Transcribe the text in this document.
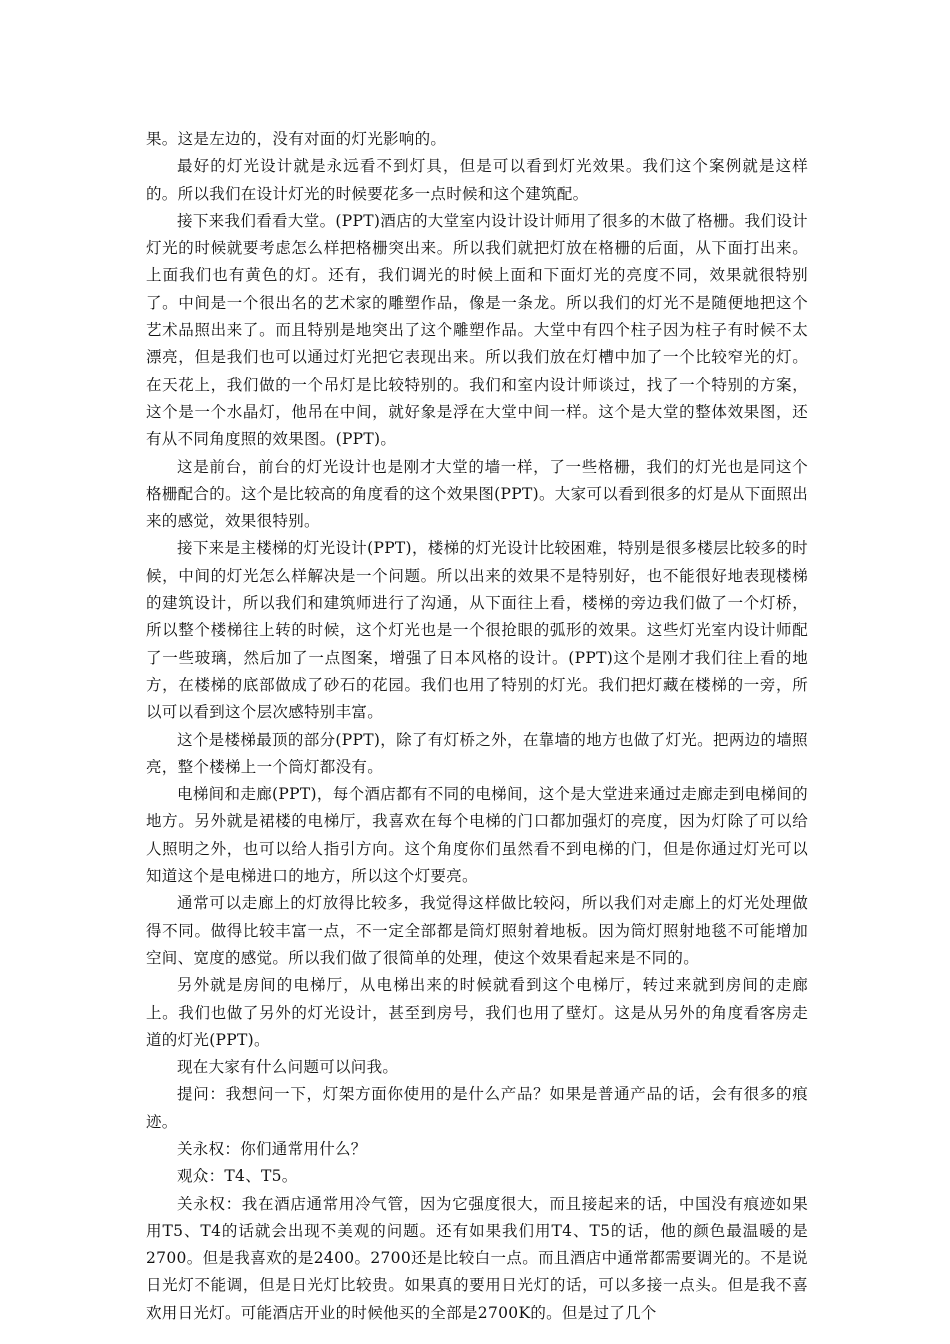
果。这是左边的，没有对面的灯光影响的。

最好的灯光设计就是永远看不到灯具，但是可以看到灯光效果。我们这个案例就是这样的。所以我们在设计灯光的时候要花多一点时候和这个建筑配。

接下来我们看看大堂。(PPT)酒店的大堂室内设计设计师用了很多的木做了格栅。我们设计灯光的时候就要考虑怎么样把格栅突出来。所以我们就把灯放在格栅的后面，从下面打出来。上面我们也有黄色的灯。还有，我们调光的时候上面和下面灯光的亮度不同，效果就很特别了。中间是一个很出名的艺术家的雕塑作品，像是一条龙。所以我们的灯光不是随便地把这个艺术品照出来了。而且特别是地突出了这个雕塑作品。大堂中有四个柱子因为柱子有时候不太漂亮，但是我们也可以通过灯光把它表现出来。所以我们放在灯槽中加了一个比较窄光的灯。在天花上，我们做的一个吊灯是比较特别的。我们和室内设计师谈过，找了一个特别的方案，这个是一个水晶灯，他吊在中间，就好象是浮在大堂中间一样。这个是大堂的整体效果图，还有从不同角度照的效果图。(PPT)。

这是前台，前台的灯光设计也是刚才大堂的墙一样，了一些格栅，我们的灯光也是同这个格栅配合的。这个是比较高的角度看的这个效果图(PPT)。大家可以看到很多的灯是从下面照出来的感觉，效果很特别。

接下来是主楼梯的灯光设计(PPT)，楼梯的灯光设计比较困难，特别是很多楼层比较多的时候，中间的灯光怎么样解决是一个问题。所以出来的效果不是特别好，也不能很好地表现楼梯的建筑设计，所以我们和建筑师进行了沟通，从下面往上看，楼梯的旁边我们做了一个灯桥，所以整个楼梯往上转的时候，这个灯光也是一个很抢眼的弧形的效果。这些灯光室内设计师配了一些玻璃，然后加了一点图案，增强了日本风格的设计。(PPT)这个是刚才我们往上看的地方，在楼梯的底部做成了砂石的花园。我们也用了特别的灯光。我们把灯藏在楼梯的一旁，所以可以看到这个层次感特别丰富。

这个是楼梯最顶的部分(PPT)，除了有灯桥之外，在靠墙的地方也做了灯光。把两边的墙照亮，整个楼梯上一个筒灯都没有。

电梯间和走廊(PPT)，每个酒店都有不同的电梯间，这个是大堂进来通过走廊走到电梯间的地方。另外就是裙楼的电梯厅，我喜欢在每个电梯的门口都加强灯的亮度，因为灯除了可以给人照明之外，也可以给人指引方向。这个角度你们虽然看不到电梯的门，但是你通过灯光可以知道这个是电梯进口的地方，所以这个灯要亮。

通常可以走廊上的灯放得比较多，我觉得这样做比较闷，所以我们对走廊上的灯光处理做得不同。做得比较丰富一点，不一定全部都是筒灯照射着地板。因为筒灯照射地毯不可能增加空间、宽度的感觉。所以我们做了很简单的处理，使这个效果看起来是不同的。

另外就是房间的电梯厅，从电梯出来的时候就看到这个电梯厅，转过来就到房间的走廊上。我们也做了另外的灯光设计，甚至到房号，我们也用了壁灯。这是从另外的角度看客房走道的灯光(PPT)。

现在大家有什么问题可以问我。

提问：我想问一下，灯架方面你使用的是什么产品？如果是普通产品的话，会有很多的痕迹。

关永权：你们通常用什么？

观众：T4、T5。

关永权：我在酒店通常用冷气管，因为它强度很大，而且接起来的话，中国没有痕迹如果用T5、T4的话就会出现不美观的问题。还有如果我们用T4、T5的话，他的颜色最温暖的是2700。但是我喜欢的是2400。2700还是比较白一点。而且酒店中通常都需要调光的。不是说日光灯不能调，但是日光灯比较贵。如果真的要用日光灯的话，可以多接一点头。但是我不喜欢用日光灯。可能酒店开业的时候他买的全部是2700K的。但是过了几个
